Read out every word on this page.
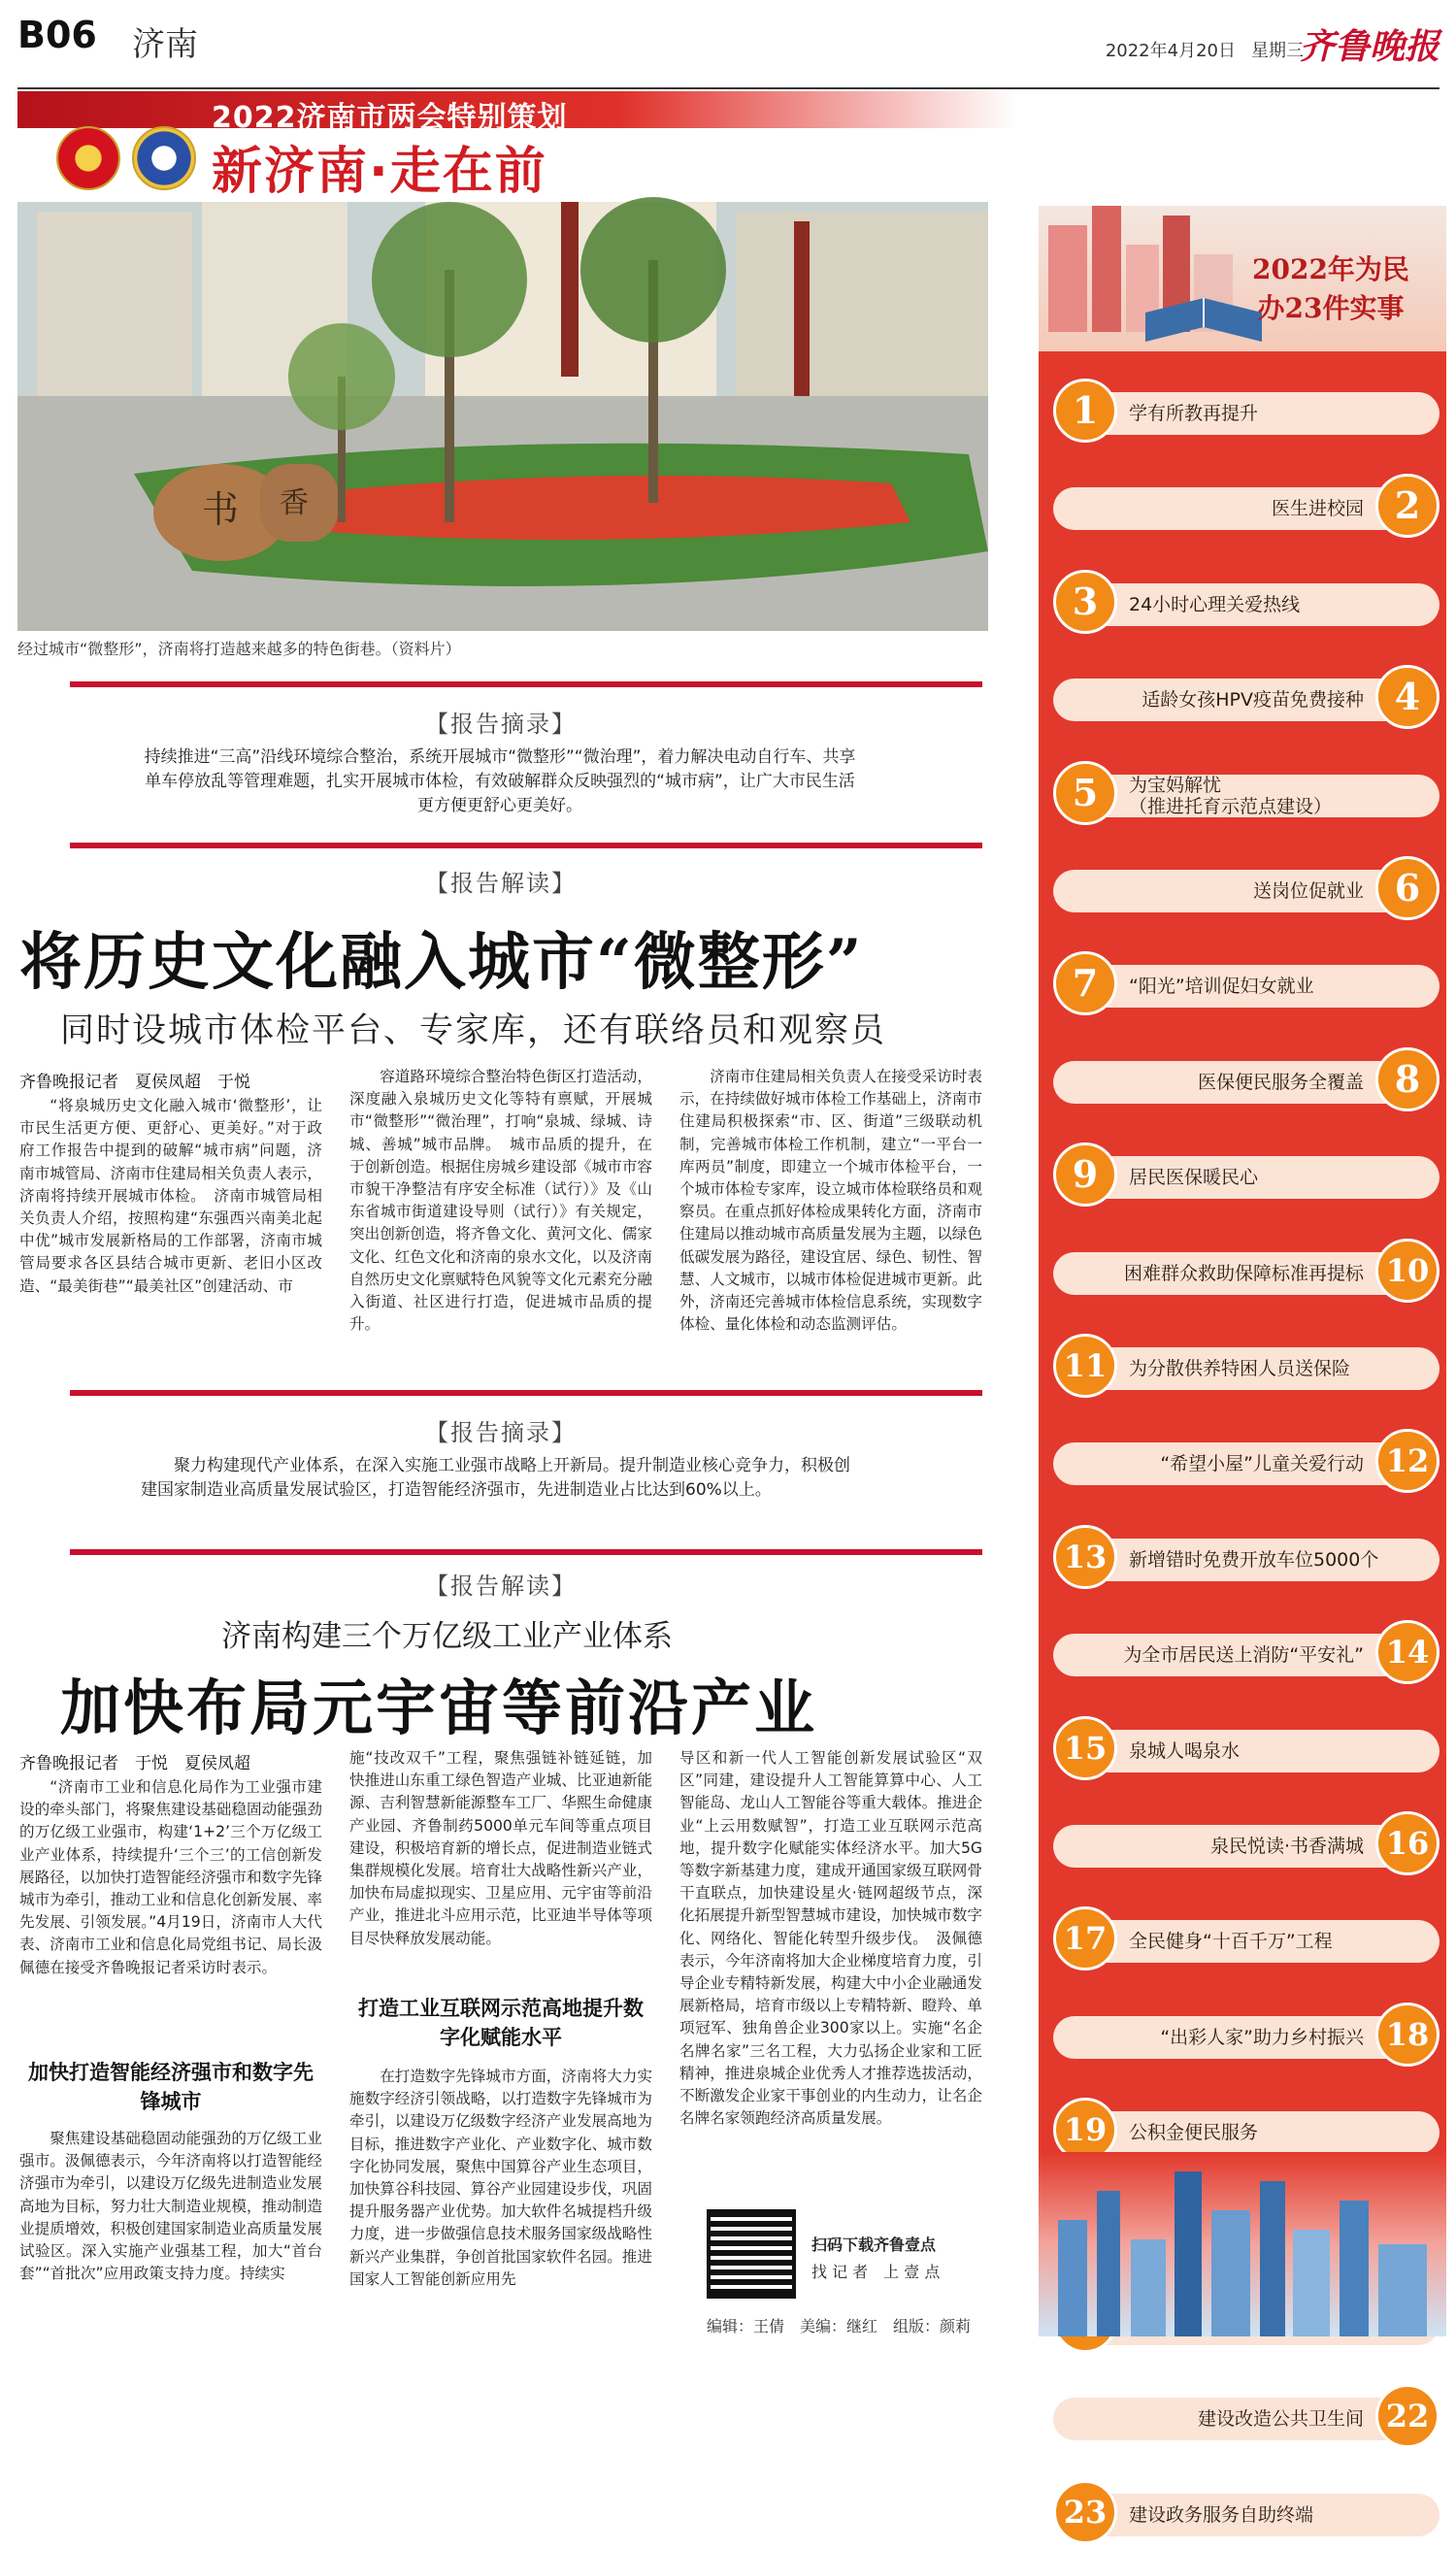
B06 济南	2022年4月20日 星期三
齐鲁晚报
2022济南市两会特别策划
新济南·走在前
书 香
经过城市“微整形”，济南将打造越来越多的特色街巷。（资料片）
【报告摘录】
持续推进“三高”沿线环境综合整治，系统开展城市“微整形”“微治理”，着力解决电动自行车、共享单车停放乱等管理难题，扎实开展城市体检，有效破解群众反映强烈的“城市病”，让广大市民生活更方便更舒心更美好。
【报告解读】
将历史文化融入城市“微整形”
同时设城市体检平台、专家库，还有联络员和观察员
齐鲁晚报记者　夏侯凤超　于悦
“将泉城历史文化融入城市‘微整形’，让市民生活更方便、更舒心、更美好。”对于政府工作报告中提到的破解“城市病”问题，济南市城管局、济南市住建局相关负责人表示，济南将持续开展城市体检。　济南市城管局相关负责人介绍，按照构建“东强西兴南美北起中优”城市发展新格局的工作部署，济南市城管局要求各区县结合城市更新、老旧小区改造、“最美街巷”“最美社区”创建活动、市
容道路环境综合整治特色街区打造活动，深度融入泉城历史文化等特有禀赋，开展城市“微整形”“微治理”，打响“泉城、绿城、诗城、善城”城市品牌。　城市品质的提升，在于创新创造。根据住房城乡建设部《城市市容市貌干净整洁有序安全标准（试行）》及《山东省城市街道建设导则（试行）》有关规定，突出创新创造，将齐鲁文化、黄河文化、儒家文化、红色文化和济南的泉水文化，以及济南自然历史文化禀赋特色风貌等文化元素充分融入街道、社区进行打造，促进城市品质的提升。
济南市住建局相关负责人在接受采访时表示，在持续做好城市体检工作基础上，济南市住建局积极探索“市、区、街道”三级联动机制，完善城市体检工作机制，建立“一平台一库两员”制度，即建立一个城市体检平台，一个城市体检专家库，设立城市体检联络员和观察员。在重点抓好体检成果转化方面，济南市住建局以推动城市高质量发展为主题，以绿色低碳发展为路径，建设宜居、绿色、韧性、智慧、人文城市，以城市体检促进城市更新。此外，济南还完善城市体检信息系统，实现数字体检、量化体检和动态监测评估。
【报告摘录】
聚力构建现代产业体系，在深入实施工业强市战略上开新局。提升制造业核心竞争力，积极创建国家制造业高质量发展试验区，打造智能经济强市，先进制造业占比达到60%以上。
【报告解读】
济南构建三个万亿级工业产业体系
加快布局元宇宙等前沿产业
齐鲁晚报记者　于悦　夏侯凤超
“济南市工业和信息化局作为工业强市建设的牵头部门，将聚焦建设基础稳固动能强劲的万亿级工业强市，构建‘1+2’三个万亿级工业产业体系，持续提升‘三个三’的工信创新发展路径，以加快打造智能经济强市和数字先锋城市为牵引，推动工业和信息化创新发展、率先发展、引领发展。”4月19日，济南市人大代表、济南市工业和信息化局党组书记、局长汲佩德在接受齐鲁晚报记者采访时表示。
加快打造智能经济强市和数字先锋城市
聚焦建设基础稳固动能强劲的万亿级工业强市。汲佩德表示，今年济南将以打造智能经济强市为牵引，以建设万亿级先进制造业发展高地为目标，努力壮大制造业规模，推动制造业提质增效，积极创建国家制造业高质量发展试验区。深入实施产业强基工程，加大“首台套”“首批次”应用政策支持力度。持续实
施“技改双千”工程，聚焦强链补链延链，加快推进山东重工绿色智造产业城、比亚迪新能源、吉利智慧新能源整车工厂、华熙生命健康产业园、齐鲁制药5000单元车间等重点项目建设，积极培育新的增长点，促进制造业链式集群规模化发展。培育壮大战略性新兴产业，加快布局虚拟现实、卫星应用、元宇宙等前沿产业，推进北斗应用示范，比亚迪半导体等项目尽快释放发展动能。
打造工业互联网示范高地提升数字化赋能水平
在打造数字先锋城市方面，济南将大力实施数字经济引领战略，以打造数字先锋城市为牵引，以建设万亿级数字经济产业发展高地为目标，推进数字产业化、产业数字化、城市数字化协同发展，聚焦中国算谷产业生态项目，加快算谷科技园、算谷产业园建设步伐，巩固提升服务器产业优势。加大软件名城提档升级力度，进一步做强信息技术服务国家级战略性新兴产业集群，争创首批国家软件名园。推进国家人工智能创新应用先
导区和新一代人工智能创新发展试验区“双区”同建，建设提升人工智能算算中心、人工智能岛、龙山人工智能谷等重大载体。推进企业“上云用数赋智”，打造工业互联网示范高地，提升数字化赋能实体经济水平。加大5G等数字新基建力度，建成开通国家级互联网骨干直联点，加快建设星火·链网超级节点，深化拓展提升新型智慧城市建设，加快城市数字化、网络化、智能化转型升级步伐。　汲佩德表示，今年济南将加大企业梯度培育力度，引导企业专精特新发展，构建大中小企业融通发展新格局，培育市级以上专精特新、瞪羚、单项冠军、独角兽企业300家以上。实施“名企名牌名家”三名工程，大力弘扬企业家和工匠精神，推进泉城企业优秀人才推荐选拔活动，不断激发企业家干事创业的内生动力，让名企名牌名家领跑经济高质量发展。
扫码下载齐鲁壹点
找 记 者　上 壹 点
编辑：王倩　美编：继红　组版：颜莉
2022年为民
办23件实事
学有所教再提升
1
医生进校园 2
24小时心理关爱热线
3
适龄女孩HPV疫苗免费接种 4
为宝妈解忧
（推进托育示范点建设）
5
送岗位促就业 6
“阳光”培训促妇女就业
7
医保便民服务全覆盖 8
居民医保暖民心
9
困难群众救助保障标准再提标 10
为分散供养特困人员送保险
11
“希望小屋”儿童关爱行动 12
新增错时免费开放车位5000个
13
为全市居民送上消防“平安礼” 14
泉城人喝泉水
15
泉民悦读·书香满城 16
全民健身“十百千万”工程
17
“出彩人家”助力乡村振兴 18
公积金便民服务
19
建设改造公共卫生间 22
建设政务服务自助终端
23
